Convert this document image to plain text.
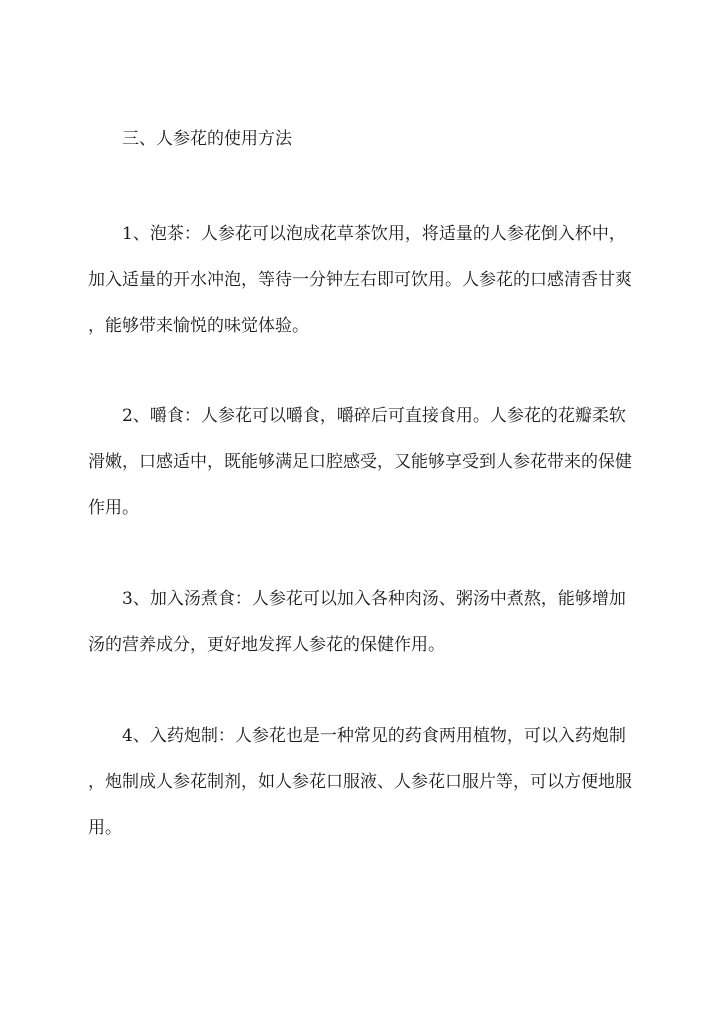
三、人参花的使用方法
1、泡茶：人参花可以泡成花草茶饮用，将适量的人参花倒入杯中，
加入适量的开水冲泡，等待一分钟左右即可饮用。人参花的口感清香甘爽
，能够带来愉悦的味觉体验。
2、嚼食：人参花可以嚼食，嚼碎后可直接食用。人参花的花瓣柔软
滑嫩，口感适中，既能够满足口腔感受，又能够享受到人参花带来的保健
作用。
3、加入汤煮食：人参花可以加入各种肉汤、粥汤中煮熬，能够增加
汤的营养成分，更好地发挥人参花的保健作用。
4、入药炮制：人参花也是一种常见的药食两用植物，可以入药炮制
，炮制成人参花制剂，如人参花口服液、人参花口服片等，可以方便地服
用。
